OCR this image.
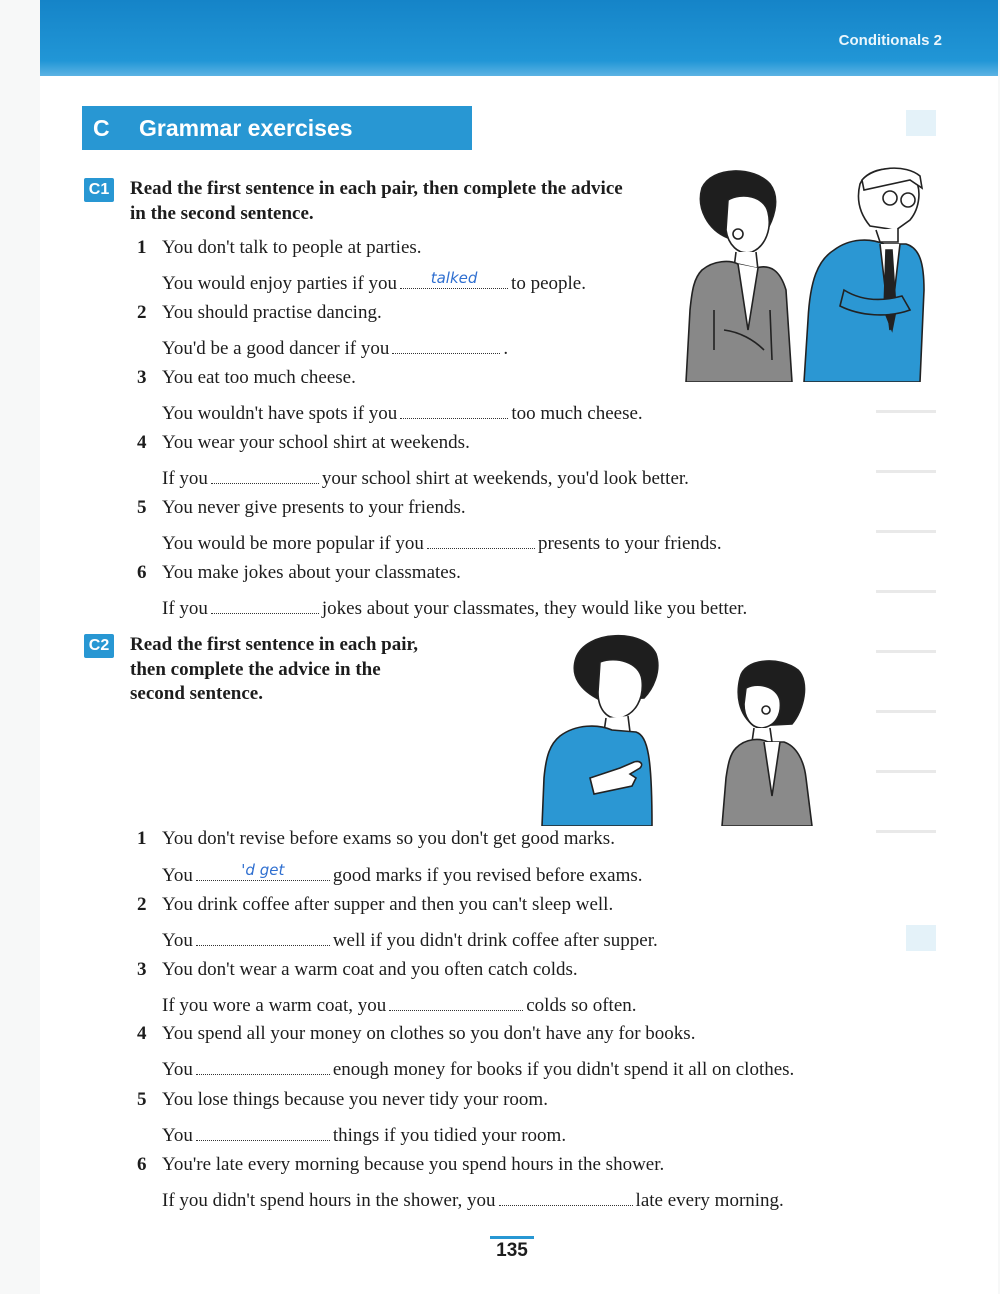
Conditionals 2
C Grammar exercises
C1 Read the first sentence in each pair, then complete the advice in the second sentence.
1 You don't talk to people at parties.
You would enjoy parties if you	talked	to people.
2 You should practise dancing.
You'd be a good dancer if you	.
3 You eat too much cheese.
You wouldn't have spots if you	too much cheese.
4 You wear your school shirt at weekends.
If you	your school shirt at weekends, you'd look better.
5 You never give presents to your friends.
You would be more popular if you	presents to your friends.
6 You make jokes about your classmates.
If you	jokes about your classmates, they would like you better.
C2 Read the first sentence in each pair, then complete the advice in the second sentence.
1 You don't revise before exams so you don't get good marks.
You	'd get	good marks if you revised before exams.
2 You drink coffee after supper and then you can't sleep well.
You	well if you didn't drink coffee after supper.
3 You don't wear a warm coat and you often catch colds.
If you wore a warm coat, you	colds so often.
4 You spend all your money on clothes so you don't have any for books.
You	enough money for books if you didn't spend it all on clothes.
5 You lose things because you never tidy your room.
You	things if you tidied your room.
6 You're late every morning because you spend hours in the shower.
If you didn't spend hours in the shower, you	late every morning.
135
